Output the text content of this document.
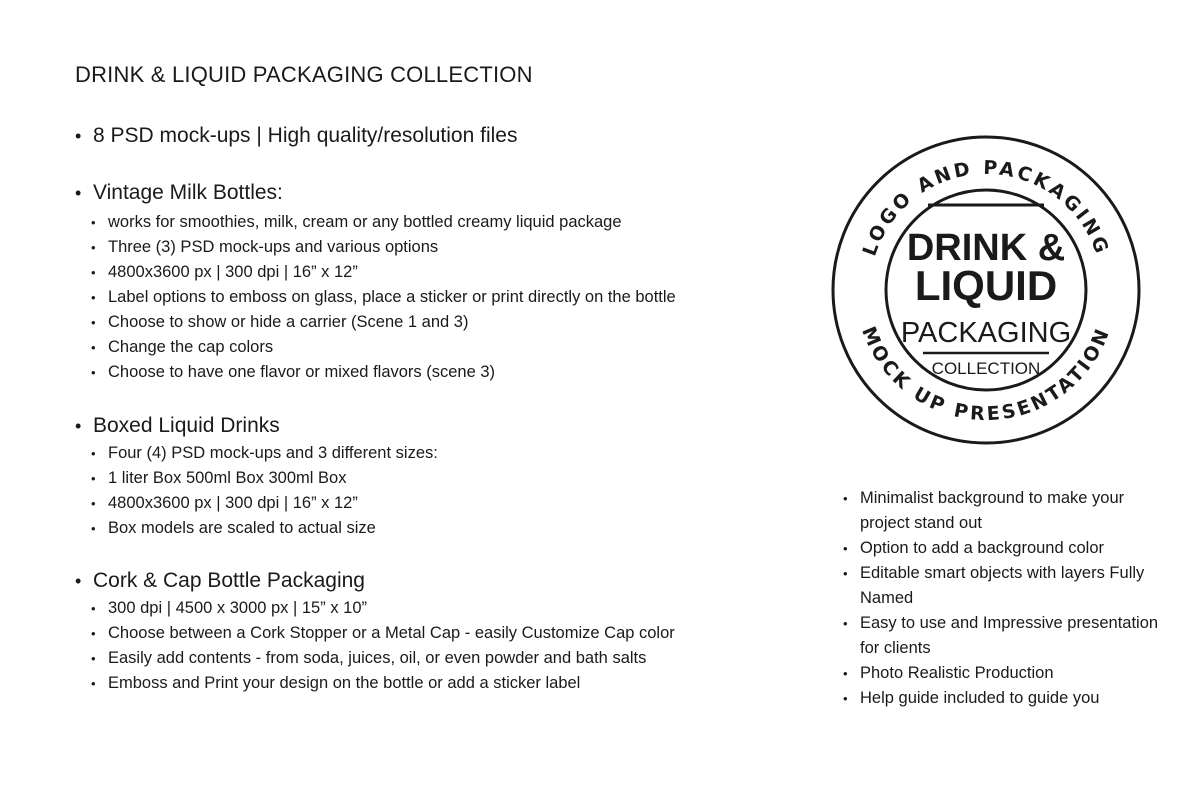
DRINK & LIQUID PACKAGING COLLECTION
• 8 PSD mock-ups | High quality/resolution files
• Vintage Milk Bottles:
• works for smoothies, milk, cream or any bottled creamy liquid package
• Three (3) PSD mock-ups and various options
• 4800x3600 px | 300 dpi | 16” x 12”
• Label options to emboss on glass, place a sticker or print directly on the bottle
• Choose to show or hide a carrier (Scene 1 and 3)
• Change the cap colors
• Choose to have one flavor or mixed flavors (scene 3)
• Boxed Liquid Drinks
• Four (4) PSD mock-ups and 3 different sizes:
• 1 liter Box 500ml Box 300ml Box
• 4800x3600 px | 300 dpi | 16” x 12”
• Box models are scaled to actual size
• Cork & Cap Bottle Packaging
• 300 dpi | 4500 x 3000 px | 15” x 10”
• Choose between a Cork Stopper or a Metal Cap - easily Customize Cap color
• Easily add contents - from soda, juices, oil, or even powder and bath salts
• Emboss and Print your design on the bottle or add a sticker label
• Minimalist background to make your project stand out
• Option to add a background color
• Editable smart objects with layers Fully Named
• Easy to use and Impressive presentation for clients
• Photo Realistic Production
• Help guide included to guide you
LOGO AND PACKAGING
MOCK UP PRESENTATION
DRINK &
LIQUID
PACKAGING
COLLECTION
